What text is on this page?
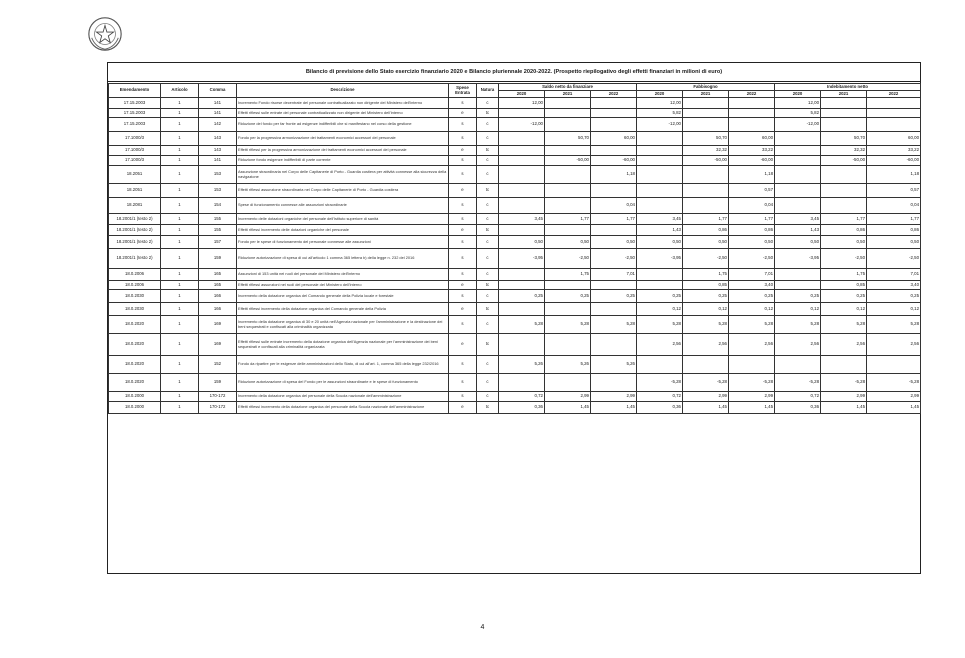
Bilancio di previsione dello Stato esercizio finanziario 2020 e Bilancio pluriennale 2020-2022. (Prospetto riepilogativo degli effetti finanziari in milioni di euro)
Emendamento	Articolo	Comma	Descrizione	Spese Entrata	Natura	Saldo netto da finanziare			Fabbisogno			Indebitamento netto		
						2020	2021	2022	2020	2021	2022	2020	2021	2022
17.15.2003	1	141	Incremento Fondo risorse decentrate del personale contrattualizzato non dirigente del Ministero dell'interno	s	c	12,00			12,00			12,00		
17.15.2003	1	141	Effetti riflessi sulle entrate del personale contrattualizzato non dirigente del Ministero dell'interno	e	tc				5,82			5,82		
17.15.2003	1	142	Riduzione del fondo per far fronte ad esigenze indifferibili che si manifestano nel corso della gestione	s	c	-12,00			-12,00			-12,00		
17.1000/3	1	143	Fondo per la progressiva armonizzazione dei trattamenti economici accessori del personale	s	c		50,70	60,00		50,70	60,00		50,70	60,00
17.1000/3	1	143	Effetti riflessi per la progressiva armonizzazione dei trattamenti economici accessori del personale	e	tc					32,32	33,22		32,32	33,22
17.1000/3	1	141	Riduzione fondo esigenze indifferibili di parte corrente	s	c		-50,00	-60,00		-50,00	-60,00		-50,00	-60,00
18.2051	1	153	Assunzione straordinaria nel Corpo delle Capitanerie di Porto - Guardia costiera per attività connesse alla sicurezza della navigazione	s	c			1,18			1,18			1,18
18.2051	1	153	Effetti riflessi assunzione straordinaria nel Corpo delle Capitanerie di Porto - Guardia costiera	e	tc						0,57			0,57
18.2081	1	154	Spese di funzionamento connesse alle assunzioni straordinarie	s	c			0,04			0,04			0,04
18.2001/1 (testo 2)	1	155	Incremento delle dotazioni organiche del personale dell'Istituto superiore di sanità	s	c	3,45	1,77	1,77	3,45	1,77	1,77	3,45	1,77	1,77
18.2001/1 (testo 2)	1	155	Effetti riflessi incremento delle dotazioni organiche del personale	e	tc				1,43	0,86	0,86	1,43	0,86	0,86
18.2001/1 (testo 2)	1	157	Fondo per le spese di funzionamento del personale connesse alle assunzioni	s	c	0,50	0,50	0,50	0,50	0,50	0,50	0,50	0,50	0,50
18.2001/1 (testo 2)	1	159	Riduzione autorizzazione di spesa di cui all'articolo 1 comma 365 lettera b) della legge n. 232 del 2016	s	c	-3,95	-2,50	-2,50	-3,95	-2,50	-2,50	-3,95	-2,50	-2,50
18.0.2006	1	165	Assunzioni di 153 unità nei ruoli del personale del Ministero dell'interno	s	c		1,75	7,01		1,75	7,01		1,75	7,01
18.0.2006	1	165	Effetti riflessi assunzioni nei ruoli del personale del Ministero dell'interno	e	tc					0,85	3,40		0,85	3,40
18.0.2030	1	166	Incremento della dotazione organica del Comando generale della Polizia locale e forestale	s	c	0,25	0,25	0,25	0,25	0,25	0,25	0,25	0,25	0,25
18.0.2030	1	166	Effetti riflessi incremento della dotazione organica del Comando generale della Polizia	e	tc				0,12	0,12	0,12	0,12	0,12	0,12
18.0.2020	1	169	Incremento della dotazione organica di 30 e 20 unità nell'Agenzia nazionale per l'amministrazione e la destinazione dei beni sequestrati e confiscati alla criminalità organizzata	s	c	5,28	5,28	5,28	5,28	5,28	5,28	5,28	5,28	5,28
18.0.2020	1	169	Effetti riflessi sulle entrate incremento della dotazione organica dell'Agenzia nazionale per l'amministrazione dei beni sequestrati e confiscati alla criminalità organizzata	e	tc				2,56	2,56	2,56	2,56	2,56	2,56
18.0.2020	1	152	Fondo da ripartire per le esigenze delle amministrazioni dello Stato, di cui all'art. 1, comma 365 della legge 232/2016	s	c	5,26	5,26	5,26						
18.0.2020	1	159	Riduzione autorizzazione di spesa del Fondo per le assunzioni straordinarie e le spese di funzionamento	s	c				-5,28	-5,28	-5,28	-5,28	-5,28	-5,28
18.0.2000	1	170-172	Incremento della dotazione organica del personale della Scuola nazionale dell'amministrazione	s	c	0,72	2,99	2,99	0,72	2,99	2,99	0,72	2,99	2,99
18.0.2000	1	170-172	Effetti riflessi incremento della dotazione organica del personale della Scuola nazionale dell'amministrazione	e	tc	0,36	1,45	1,45	0,36	1,45	1,45	0,36	1,45	1,45
4
